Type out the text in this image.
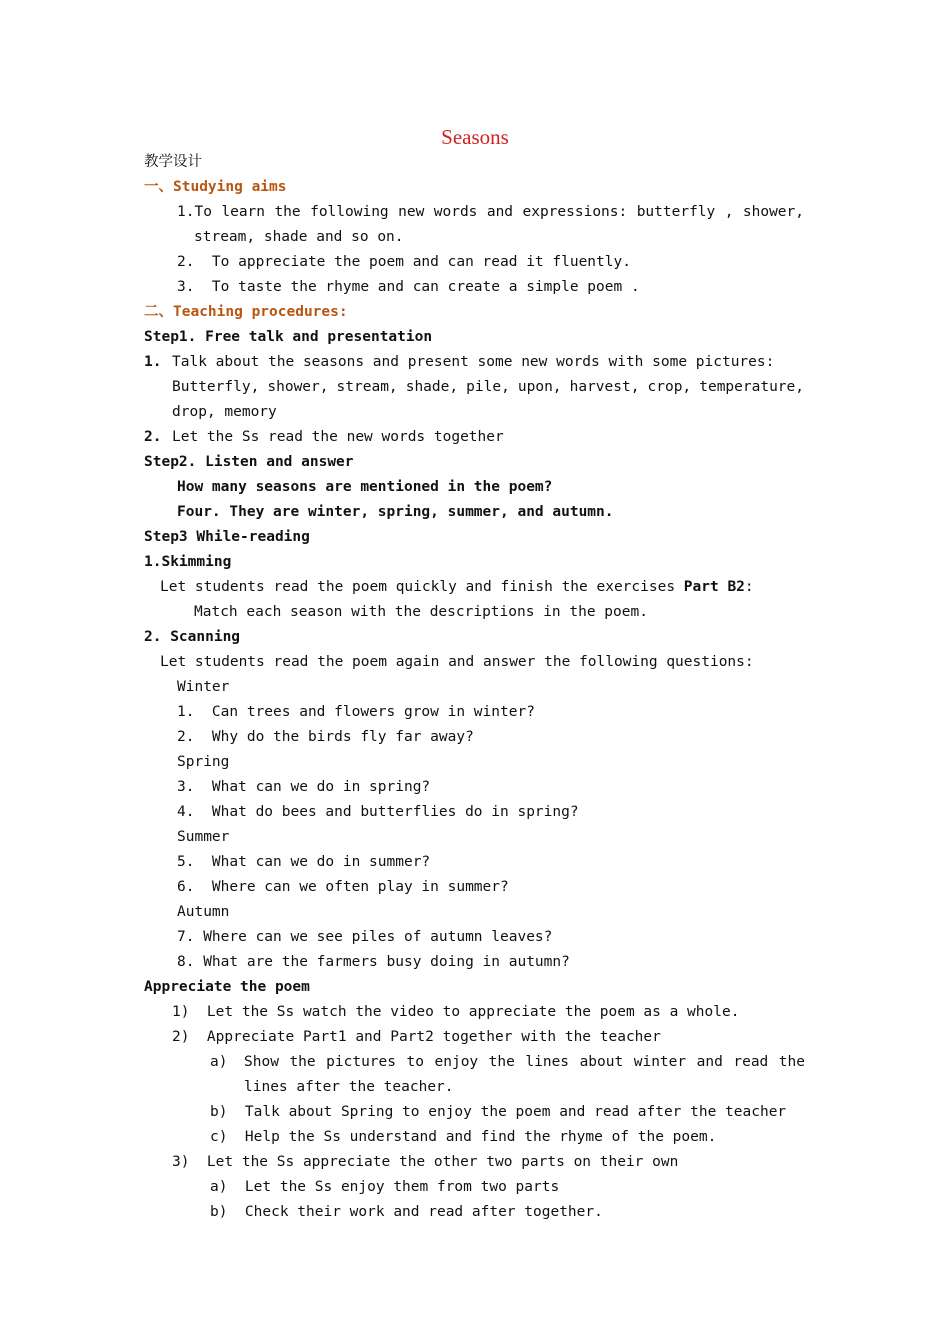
Seasons
教学设计
一、Studying aims
1.To learn the following new words and expressions: butterfly , shower,
stream, shade and so on.
2.  To appreciate the poem and can read it fluently.
3.  To taste the rhyme and can create a simple poem .
二、Teaching procedures:
Step1. Free talk and presentation
1. Talk about the seasons and present some new words with some pictures:
Butterfly, shower, stream, shade, pile, upon, harvest, crop, temperature,
drop, memory
2. Let the Ss read the new words together
Step2. Listen and answer
How many seasons are mentioned in the poem?
Four. They are winter, spring, summer, and autumn.
Step3 While-reading
1.Skimming
Let students read the poem quickly and finish the exercises Part B2:
Match each season with the descriptions in the poem.
2. Scanning
Let students read the poem again and answer the following questions:
Winter
1.  Can trees and flowers grow in winter?
2.  Why do the birds fly far away?
Spring
3.  What can we do in spring?
4.  What do bees and butterflies do in spring?
Summer
5.  What can we do in summer?
6.  Where can we often play in summer?
Autumn
7. Where can we see piles of autumn leaves?
8. What are the farmers busy doing in autumn?
Appreciate the poem
1)  Let the Ss watch the video to appreciate the poem as a whole.
2)  Appreciate Part1 and Part2 together with the teacher
a) Show the pictures to enjoy the lines about winter and read the
lines after the teacher.
b)  Talk about Spring to enjoy the poem and read after the teacher
c)  Help the Ss understand and find the rhyme of the poem.
3)  Let the Ss appreciate the other two parts on their own
a)  Let the Ss enjoy them from two parts
b)  Check their work and read after together.
